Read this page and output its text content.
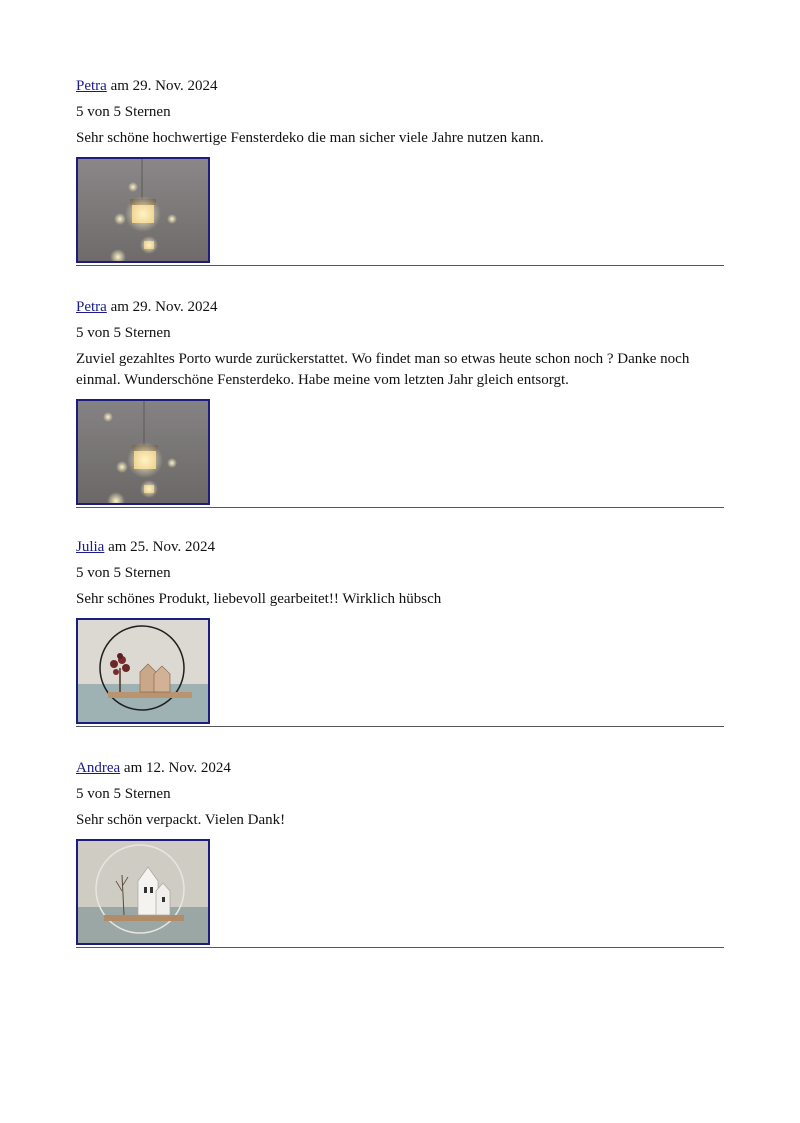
Petra am 29. Nov. 2024

5 von 5 Sternen

Sehr schöne hochwertige Fensterdeko die man sicher viele Jahre nutzen kann.

Petra am 29. Nov. 2024

5 von 5 Sternen

Zuviel gezahltes Porto wurde zurückerstattet. Wo findet man so etwas heute schon noch ? Danke noch einmal. Wunderschöne Fensterdeko. Habe meine vom letzten Jahr gleich entsorgt.

Julia am 25. Nov. 2024

5 von 5 Sternen

Sehr schönes Produkt, liebevoll gearbeitet!! Wirklich hübsch

Andrea am 12. Nov. 2024

5 von 5 Sternen

Sehr schön verpackt. Vielen Dank!
